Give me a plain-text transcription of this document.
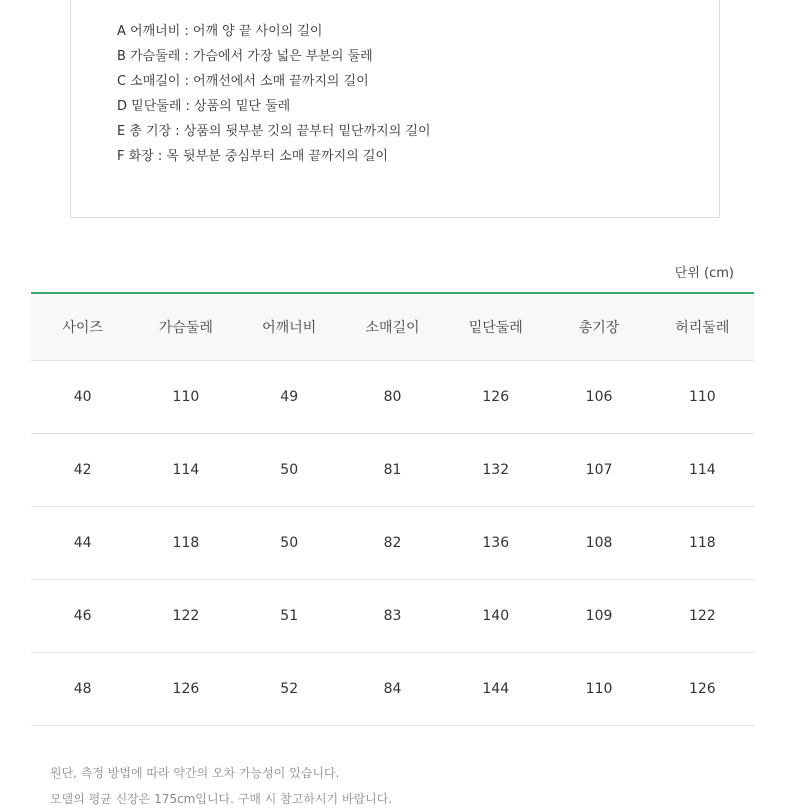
A 어깨너비 : 어깨 양 끝 사이의 길이
B 가슴둘레 : 가슴에서 가장 넓은 부분의 둘레
C 소매길이 : 어깨선에서 소매 끝까지의 길이
D 밑단둘레 : 상품의 밑단 둘레
E 총 기장 : 상품의 뒷부분 깃의 끝부터 밑단까지의 길이
F 화장 : 목 뒷부분 중심부터 소매 끝까지의 길이
단위 (cm)
사이즈	가슴둘레	어깨너비	소매길이	밑단둘레	총기장	허리둘레
40	110	49	80	126	106	110
42	114	50	81	132	107	114
44	118	50	82	136	108	118
46	122	51	83	140	109	122
48	126	52	84	144	110	126
원단, 측정 방법에 따라 약간의 오차 가능성이 있습니다.
모델의 평균 신장은 175cm입니다. 구매 시 참고하시기 바랍니다.
